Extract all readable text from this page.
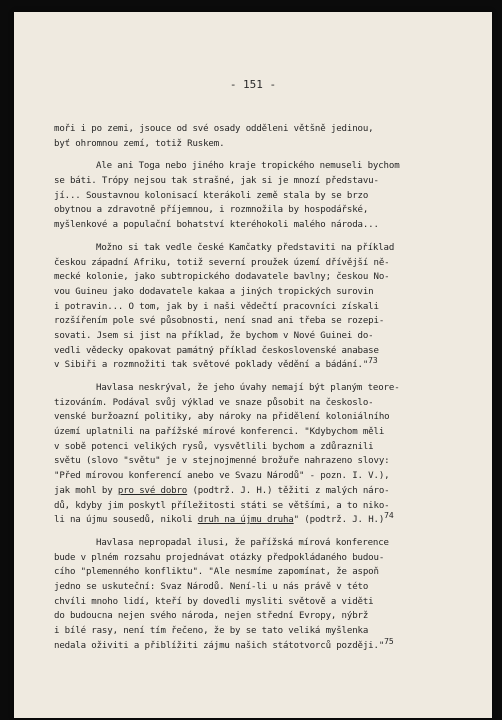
- 151 -
moři i po zemi, jsouce od své osady odděleni většně jedinou,
byť ohromnou zemí, totiž Ruskem.
Ale ani Toga nebo jiného kraje tropického nemuseli bychom
se báti. Trópy nejsou tak strašné, jak si je mnozí představu-
jí... Soustavnou kolonisací kterákoli země stala by se brzo
obytnou a zdravotně příjemnou, i rozmnožila by hospodářské,
myšlenkové a populační bohatství kteréhokoli malého národa...
Možno si tak vedle české Kamčatky představiti na příklad
českou západní Afriku, totiž severní proužek území dřívější ně-
mecké kolonie, jako subtropického dodavatele bavlny; českou No-
vou Guineu jako dodavatele kakaa a jiných tropických surovin
i potravin... O tom, jak by i naši vědečtí pracovníci získali
rozšířením pole své působnosti, není snad ani třeba se rozepi-
sovati. Jsem si jist na příklad, že bychom v Nové Guinei do-
vedli vědecky opakovat památný příklad československé anabase
v Sibiři a rozmnožiti tak světové poklady vědění a bádání."$^{73}$
Havlasa neskrýval, že jeho úvahy nemají být planým teore-
tizováním. Podával svůj výklad ve snaze působit na českoslo-
venské buržoazní politiky, aby nároky na přidělení koloniálního
území uplatnili na pařížské mírové konferenci. "Kdybychom měli
v sobě potenci velikých rysů, vysvětlili bychom a zdůraznili
světu (slovo "světu" je v stejnojmenné brožuře nahrazeno slovy:
"Před mírovou konferencí anebo ve Svazu Národů" - pozn. I. V.),
jak mohl by pro své dobro (podtrž. J. H.) těžiti z malých náro-
dů, kdyby jim poskytl příležitosti státi se většími, a to niko-
li na újmu sousedů, nikoli druh na újmu druha" (podtrž. J. H.)$^{74}$
Havlasa nepropadal ilusi, že pařížská mírová konference
bude v plném rozsahu projednávat otázky předpokládaného budou-
cího "plemenného konfliktu". "Ale nesmíme zapomínat, že aspoň
jedno se uskuteční: Svaz Národů. Není-li u nás právě v této
chvíli mnoho lidí, kteří by dovedli mysliti světově a viděti
do budoucna nejen svého národa, nejen střední Evropy, nýbrž
i bílé rasy, není tím řečeno, že by se tato veliká myšlenka
nedala oživiti a přiblížiti zájmu našich státotvorců později."$^{75}$
